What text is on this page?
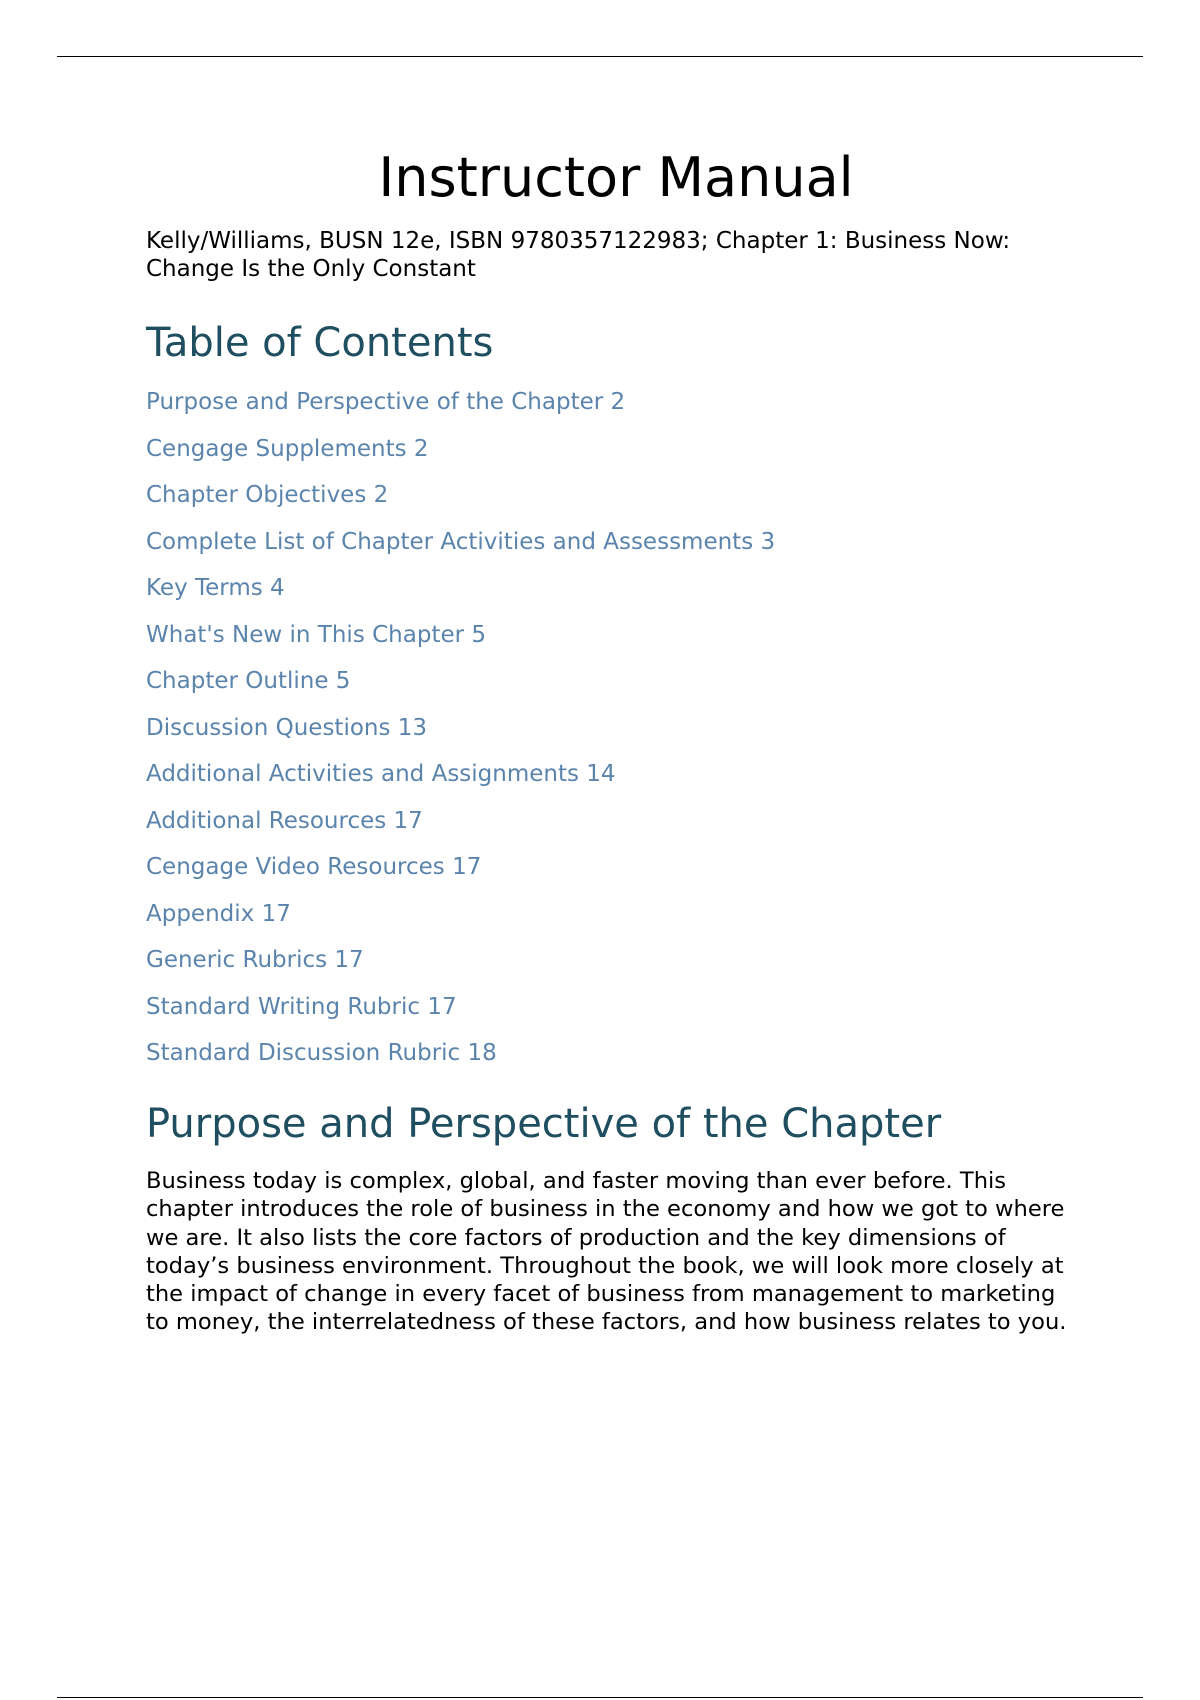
Instructor Manual

Kelly/Williams, BUSN 12e, ISBN 9780357122983; Chapter 1: Business Now: Change Is the Only Constant

Table of Contents
Purpose and Perspective of the Chapter 2
Cengage Supplements 2
Chapter Objectives 2
Complete List of Chapter Activities and Assessments 3
Key Terms 4
What's New in This Chapter 5
Chapter Outline 5
Discussion Questions 13
Additional Activities and Assignments 14
Additional Resources 17
Cengage Video Resources 17
Appendix 17
Generic Rubrics 17
Standard Writing Rubric 17
Standard Discussion Rubric 18
Purpose and Perspective of the Chapter

Business today is complex, global, and faster moving than ever before. This chapter introduces the role of business in the economy and how we got to where we are. It also lists the core factors of production and the key dimensions of today’s business environment. Throughout the book, we will look more closely at the impact of change in every facet of business from management to marketing to money, the interrelatedness of these factors, and how business relates to you.
